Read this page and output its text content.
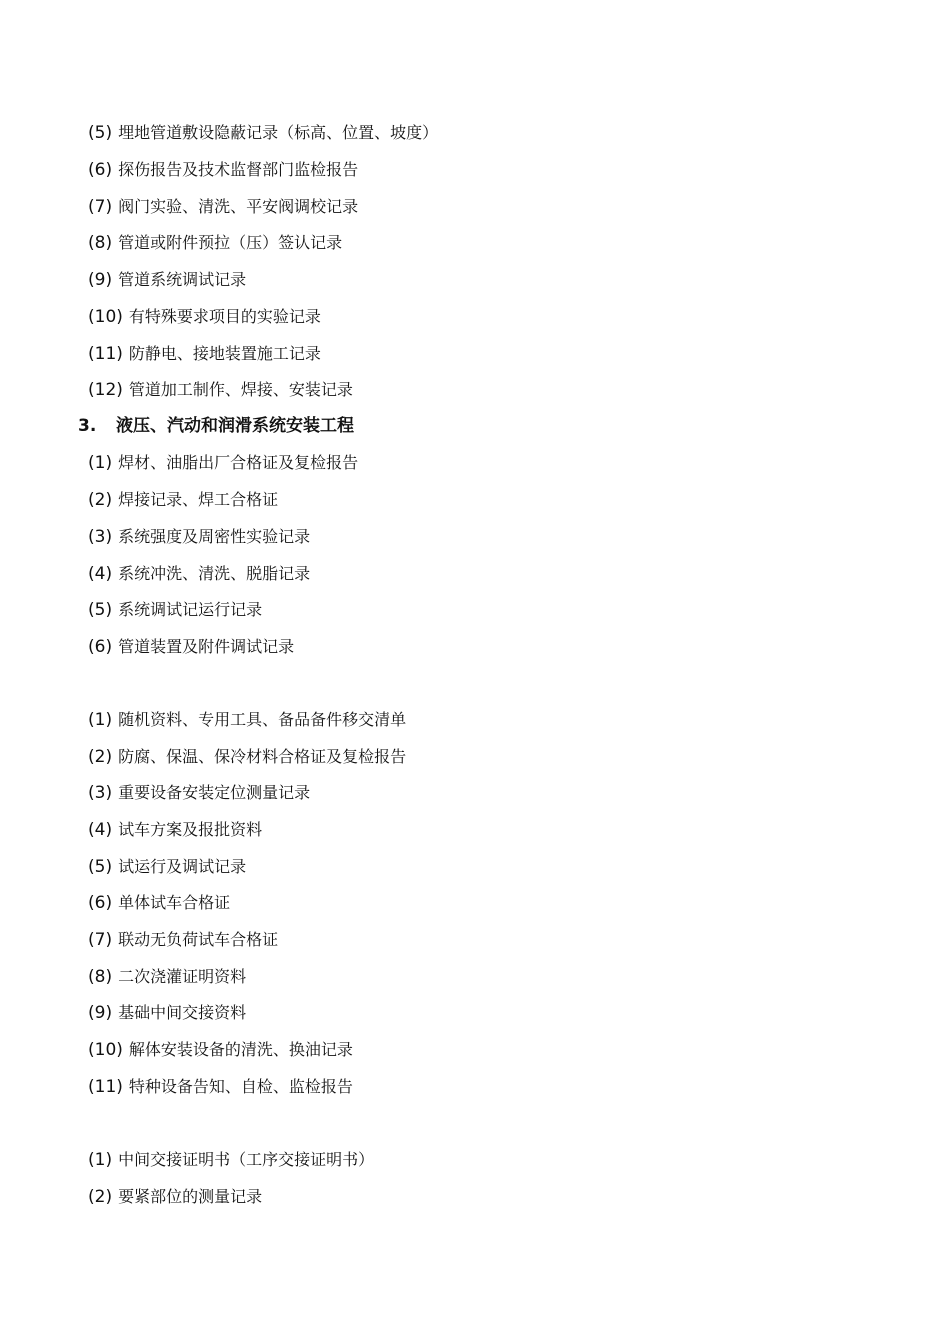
(5) 埋地管道敷设隐蔽记录（标高、位置、坡度）
(6) 探伤报告及技术监督部门监检报告
(7) 阀门实验、清洗、平安阀调校记录
(8) 管道或附件预拉（压）签认记录
(9) 管道系统调试记录
(10) 有特殊要求项目的实验记录
(11) 防静电、接地装置施工记录
(12) 管道加工制作、焊接、安装记录
3. 液压、汽动和润滑系统安装工程
(1) 焊材、油脂出厂合格证及复检报告
(2) 焊接记录、焊工合格证
(3) 系统强度及周密性实验记录
(4) 系统冲洗、清洗、脱脂记录
(5) 系统调试记运行记录
(6) 管道装置及附件调试记录
(1) 随机资料、专用工具、备品备件移交清单
(2) 防腐、保温、保冷材料合格证及复检报告
(3) 重要设备安装定位测量记录
(4) 试车方案及报批资料
(5) 试运行及调试记录
(6) 单体试车合格证
(7) 联动无负荷试车合格证
(8) 二次浇灌证明资料
(9) 基础中间交接资料
(10) 解体安装设备的清洗、换油记录
(11) 特种设备告知、自检、监检报告
(1) 中间交接证明书（工序交接证明书）
(2) 要紧部位的测量记录
